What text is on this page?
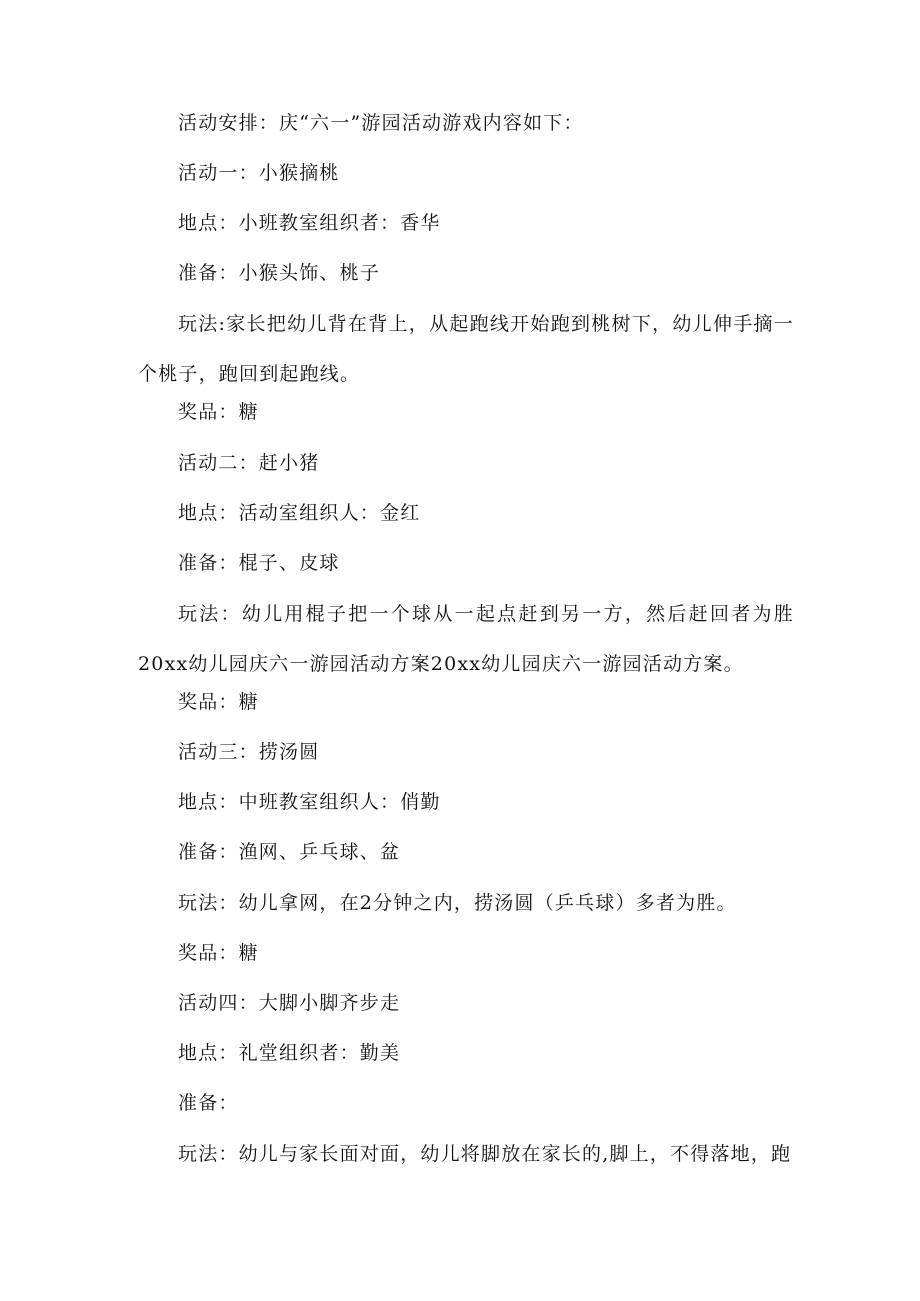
活动安排：庆“六一”游园活动游戏内容如下：
活动一：小猴摘桃
地点：小班教室组织者：香华
准备：小猴头饰、桃子
玩法:家长把幼儿背在背上，从起跑线开始跑到桃树下，幼儿伸手摘一个桃子，跑回到起跑线。
奖品：糖
活动二：赶小猪
地点：活动室组织人：金红
准备：棍子、皮球
玩法：幼儿用棍子把一个球从一起点赶到另一方，然后赶回者为胜20xx幼儿园庆六一游园活动方案20xx幼儿园庆六一游园活动方案。
奖品：糖
活动三：捞汤圆
地点：中班教室组织人：俏勤
准备：渔网、乒乓球、盆
玩法：幼儿拿网，在2分钟之内，捞汤圆（乒乓球）多者为胜。
奖品：糖
活动四：大脚小脚齐步走
地点：礼堂组织者：勤美
准备：
玩法：幼儿与家长面对面，幼儿将脚放在家长的,脚上，不得落地，跑
